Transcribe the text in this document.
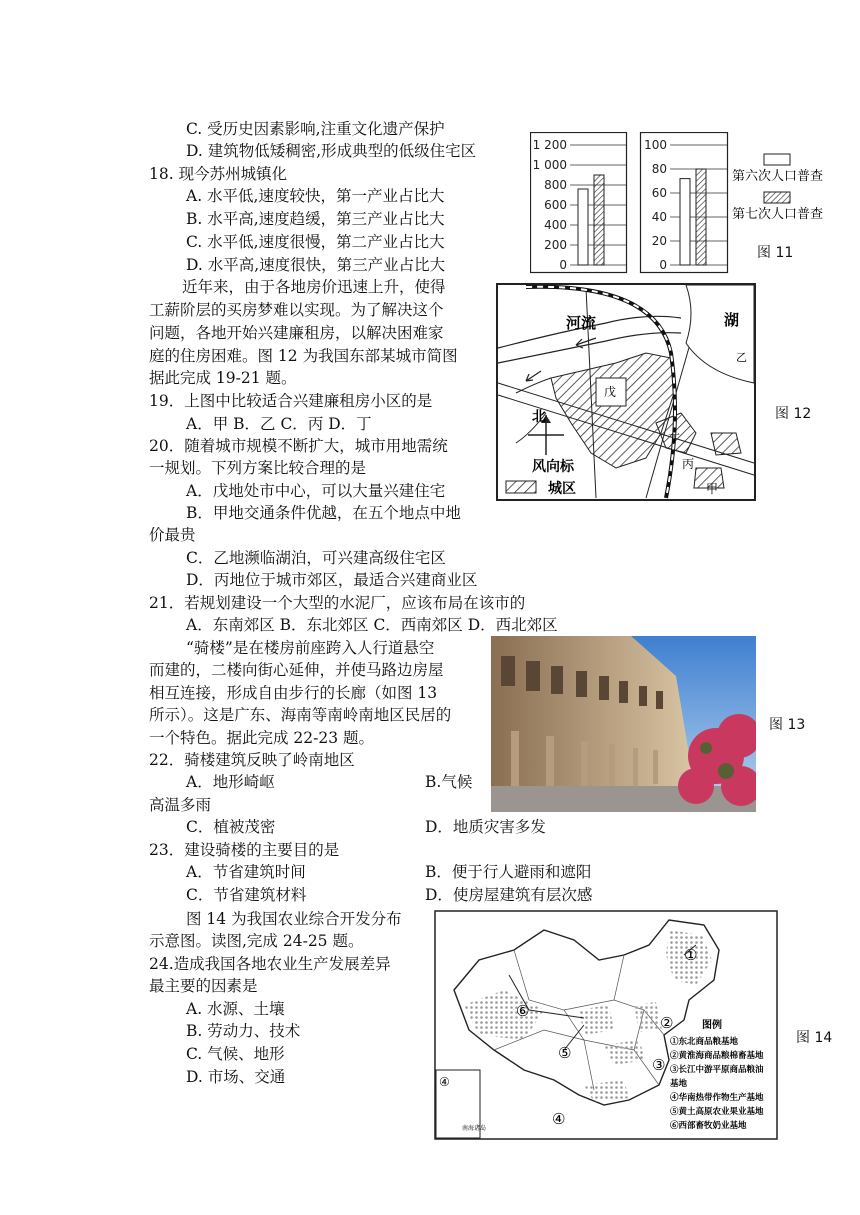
C. 受历史因素影响,注重文化遗产保护
D. 建筑物低矮稠密,形成典型的低级住宅区
18. 现今苏州城镇化
A. 水平低,速度较快，第一产业占比大
B. 水平高,速度趋缓，第三产业占比大
C. 水平低,速度很慢，第二产业占比大
D. 水平高,速度很快，第三产业占比大
近年来，由于各地房价迅速上升，使得
工薪阶层的买房梦难以实现。为了解决这个
问题，各地开始兴建廉租房，以解决困难家
庭的住房困难。图 12 为我国东部某城市简图
据此完成 19-21 题。
19．上图中比较适合兴建廉租房小区的是
A．甲 B．乙 C．丙 D．丁
20．随着城市规模不断扩大，城市用地需统
一规划。下列方案比较合理的是
A．戊地处市中心，可以大量兴建住宅
B．甲地交通条件优越，在五个地点中地
价最贵
C．乙地濒临湖泊，可兴建高级住宅区
D．丙地位于城市郊区，最适合兴建商业区
21．若规划建设一个大型的水泥厂，应该布局在该市的
A．东南郊区 B．东北郊区 C．西南郊区 D．西北郊区
“骑楼”是在楼房前座跨入人行道悬空
而建的，二楼向街心延伸，并使马路边房屋
相互连接，形成自由步行的长廊（如图 13
所示）。这是广东、海南等南岭南地区民居的
一个特色。据此完成 22-23 题。
22．骑楼建筑反映了岭南地区
A．地形崎岖	B.气候
高温多雨
C．植被茂密	D．地质灾害多发
23．建设骑楼的主要目的是
A．节省建筑时间	B．便于行人避雨和遮阳
C．节省建筑材料	D．使房屋建筑有层次感
图 14 为我国农业综合开发分布
示意图。读图,完成 24-25 题。
24.造成我国各地农业生产发展差异
最主要的因素是
A. 水源、土壤
B. 劳动力、技术
C. 气候、地形
D. 市场、交通
1 200
1 000
800
600
400
200
0
100
80
60
40
20
0
第六次人口普查
第七次人口普查
图 11
河流	湖
乙
戊
丁
丙
甲
北
风向标
城区
图 12
图 13
①
②
③
④
⑤
⑥
④
南海诸岛
图例
①东北商品粮基地
②黄淮海商品粮棉畜基地
③长江中游平原商品粮油
基地
④华南热带作物生产基地
⑤黄土高原农业果业基地
⑥西部畜牧奶业基地
图 14
